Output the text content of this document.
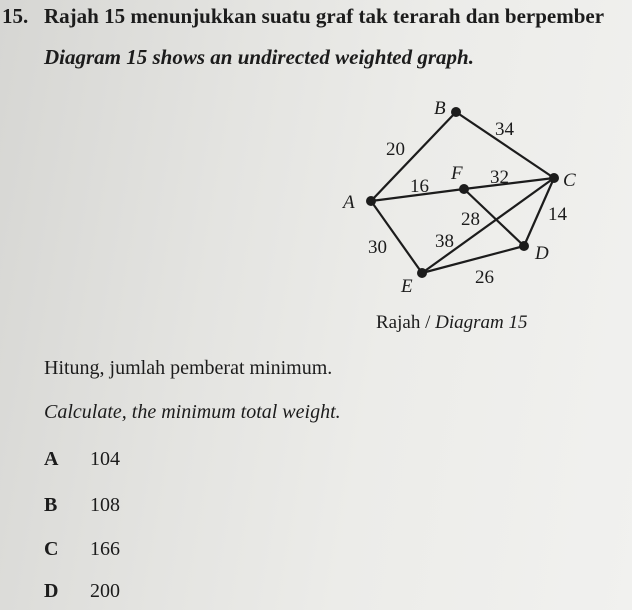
15. Rajah 15 menunjukkan suatu graf tak terarah dan berpember
Diagram 15 shows an undirected weighted graph.
20
34
16	32
28	14
30	38
26
B
C
F
A
D
E
Rajah / Diagram 15
Hitung, jumlah pemberat minimum.
Calculate, the minimum total weight.
A	104
B	108
C	166
D	200
